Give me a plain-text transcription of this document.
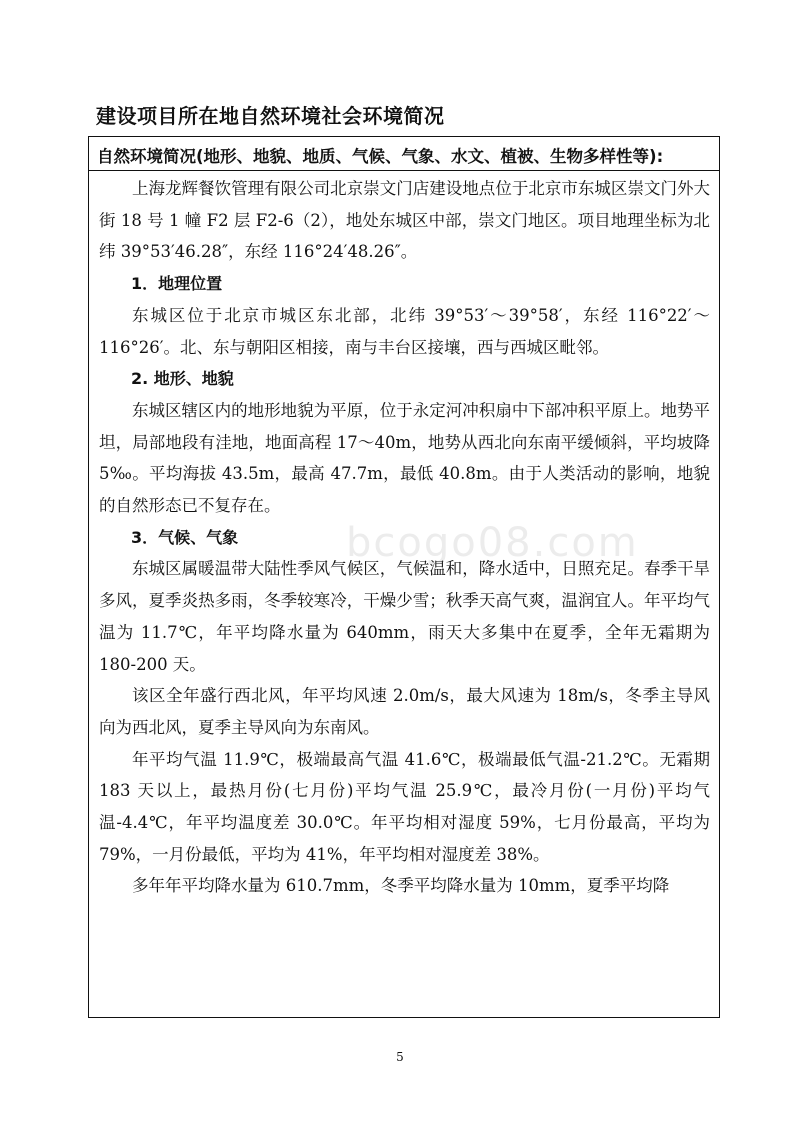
建设项目所在地自然环境社会环境简况
自然环境简况(地形、地貌、地质、气候、气象、水文、植被、生物多样性等):

上海龙辉餐饮管理有限公司北京崇文门店建设地点位于北京市东城区崇文门外大街 18 号 1 幢 F2 层 F2-6（2），地处东城区中部，崇文门地区。项目地理坐标为北纬 39°53′46.28″，东经 116°24′48.26″。

1．地理位置

东城区位于北京市城区东北部，北纬 39°53′～39°58′，东经 116°22′～116°26′。北、东与朝阳区相接，南与丰台区接壤，西与西城区毗邻。

2. 地形、地貌

东城区辖区内的地形地貌为平原，位于永定河冲积扇中下部冲积平原上。地势平坦，局部地段有洼地，地面高程 17～40m，地势从西北向东南平缓倾斜，平均坡降 5‰。平均海拔 43.5m，最高 47.7m，最低 40.8m。由于人类活动的影响，地貌的自然形态已不复存在。

3．气候、气象

东城区属暖温带大陆性季风气候区，气候温和，降水适中，日照充足。春季干旱多风，夏季炎热多雨，冬季较寒冷，干燥少雪；秋季天高气爽，温润宜人。年平均气温为 11.7℃，年平均降水量为 640mm，雨天大多集中在夏季，全年无霜期为 180-200 天。

该区全年盛行西北风，年平均风速 2.0m/s，最大风速为 18m/s，冬季主导风向为西北风，夏季主导风向为东南风。

年平均气温 11.9℃，极端最高气温 41.6℃，极端最低气温-21.2℃。无霜期 183 天以上，最热月份(七月份)平均气温 25.9℃，最冷月份(一月份)平均气温-4.4℃，年平均温度差 30.0℃。年平均相对湿度 59%，七月份最高，平均为 79%，一月份最低，平均为 41%，年平均相对湿度差 38%。

多年年平均降水量为 610.7mm，冬季平均降水量为 10mm，夏季平均降

bcogo08.com
5
